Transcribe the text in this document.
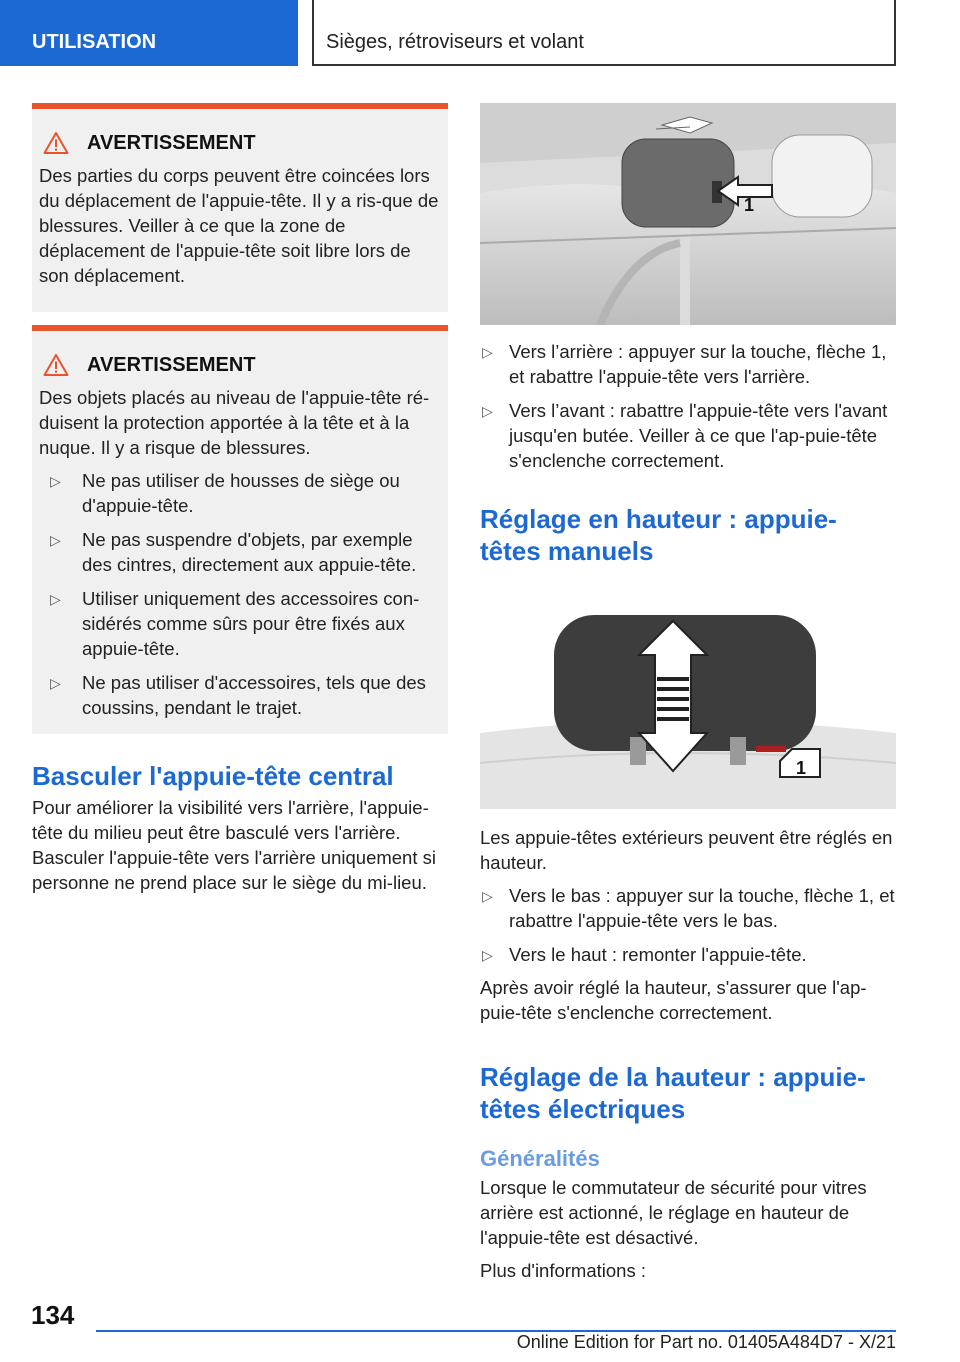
UTILISATION	Sièges, rétroviseurs et volant
AVERTISSEMENT

Des parties du corps peuvent être coincées lors du déplacement de l'appuie-tête. Il y a ris-que de blessures. Veiller à ce que la zone de déplacement de l'appuie-tête soit libre lors de son déplacement.

AVERTISSEMENT

Des objets placés au niveau de l'appuie-tête ré-duisent la protection apportée à la tête et à la nuque. Il y a risque de blessures.

▷ Ne pas utiliser de housses de siège ou d'appuie-tête.
▷ Ne pas suspendre d'objets, par exemple des cintres, directement aux appuie-tête.
▷ Utiliser uniquement des accessoires con-sidérés comme sûrs pour être fixés aux appuie-tête.
▷ Ne pas utiliser d'accessoires, tels que des coussins, pendant le trajet.
Basculer l'appuie-tête central

Pour améliorer la visibilité vers l'arrière, l'appuie-tête du milieu peut être basculé vers l'arrière. Basculer l'appuie-tête vers l'arrière uniquement si personne ne prend place sur le siège du mi-lieu.

1
▷ Vers l’arrière : appuyer sur la touche, flèche 1, et rabattre l'appuie-tête vers l'arrière.
▷ Vers l’avant : rabattre l'appuie-tête vers l'avant jusqu'en butée. Veiller à ce que l'ap-puie-tête s'enclenche correctement.
Réglage en hauteur : appuie-têtes manuels
1

Les appuie-têtes extérieurs peuvent être réglés en hauteur.

▷ Vers le bas : appuyer sur la touche, flèche 1, et rabattre l'appuie-tête vers le bas.
▷ Vers le haut : remonter l'appuie-tête.

Après avoir réglé la hauteur, s'assurer que l'ap-puie-tête s'enclenche correctement.

Réglage de la hauteur : appuie-têtes électriques
Généralités

Lorsque le commutateur de sécurité pour vitres arrière est actionné, le réglage en hauteur de l'appuie-tête est désactivé.

Plus d'informations :

134
Online Edition for Part no. 01405A484D7 - X/21
